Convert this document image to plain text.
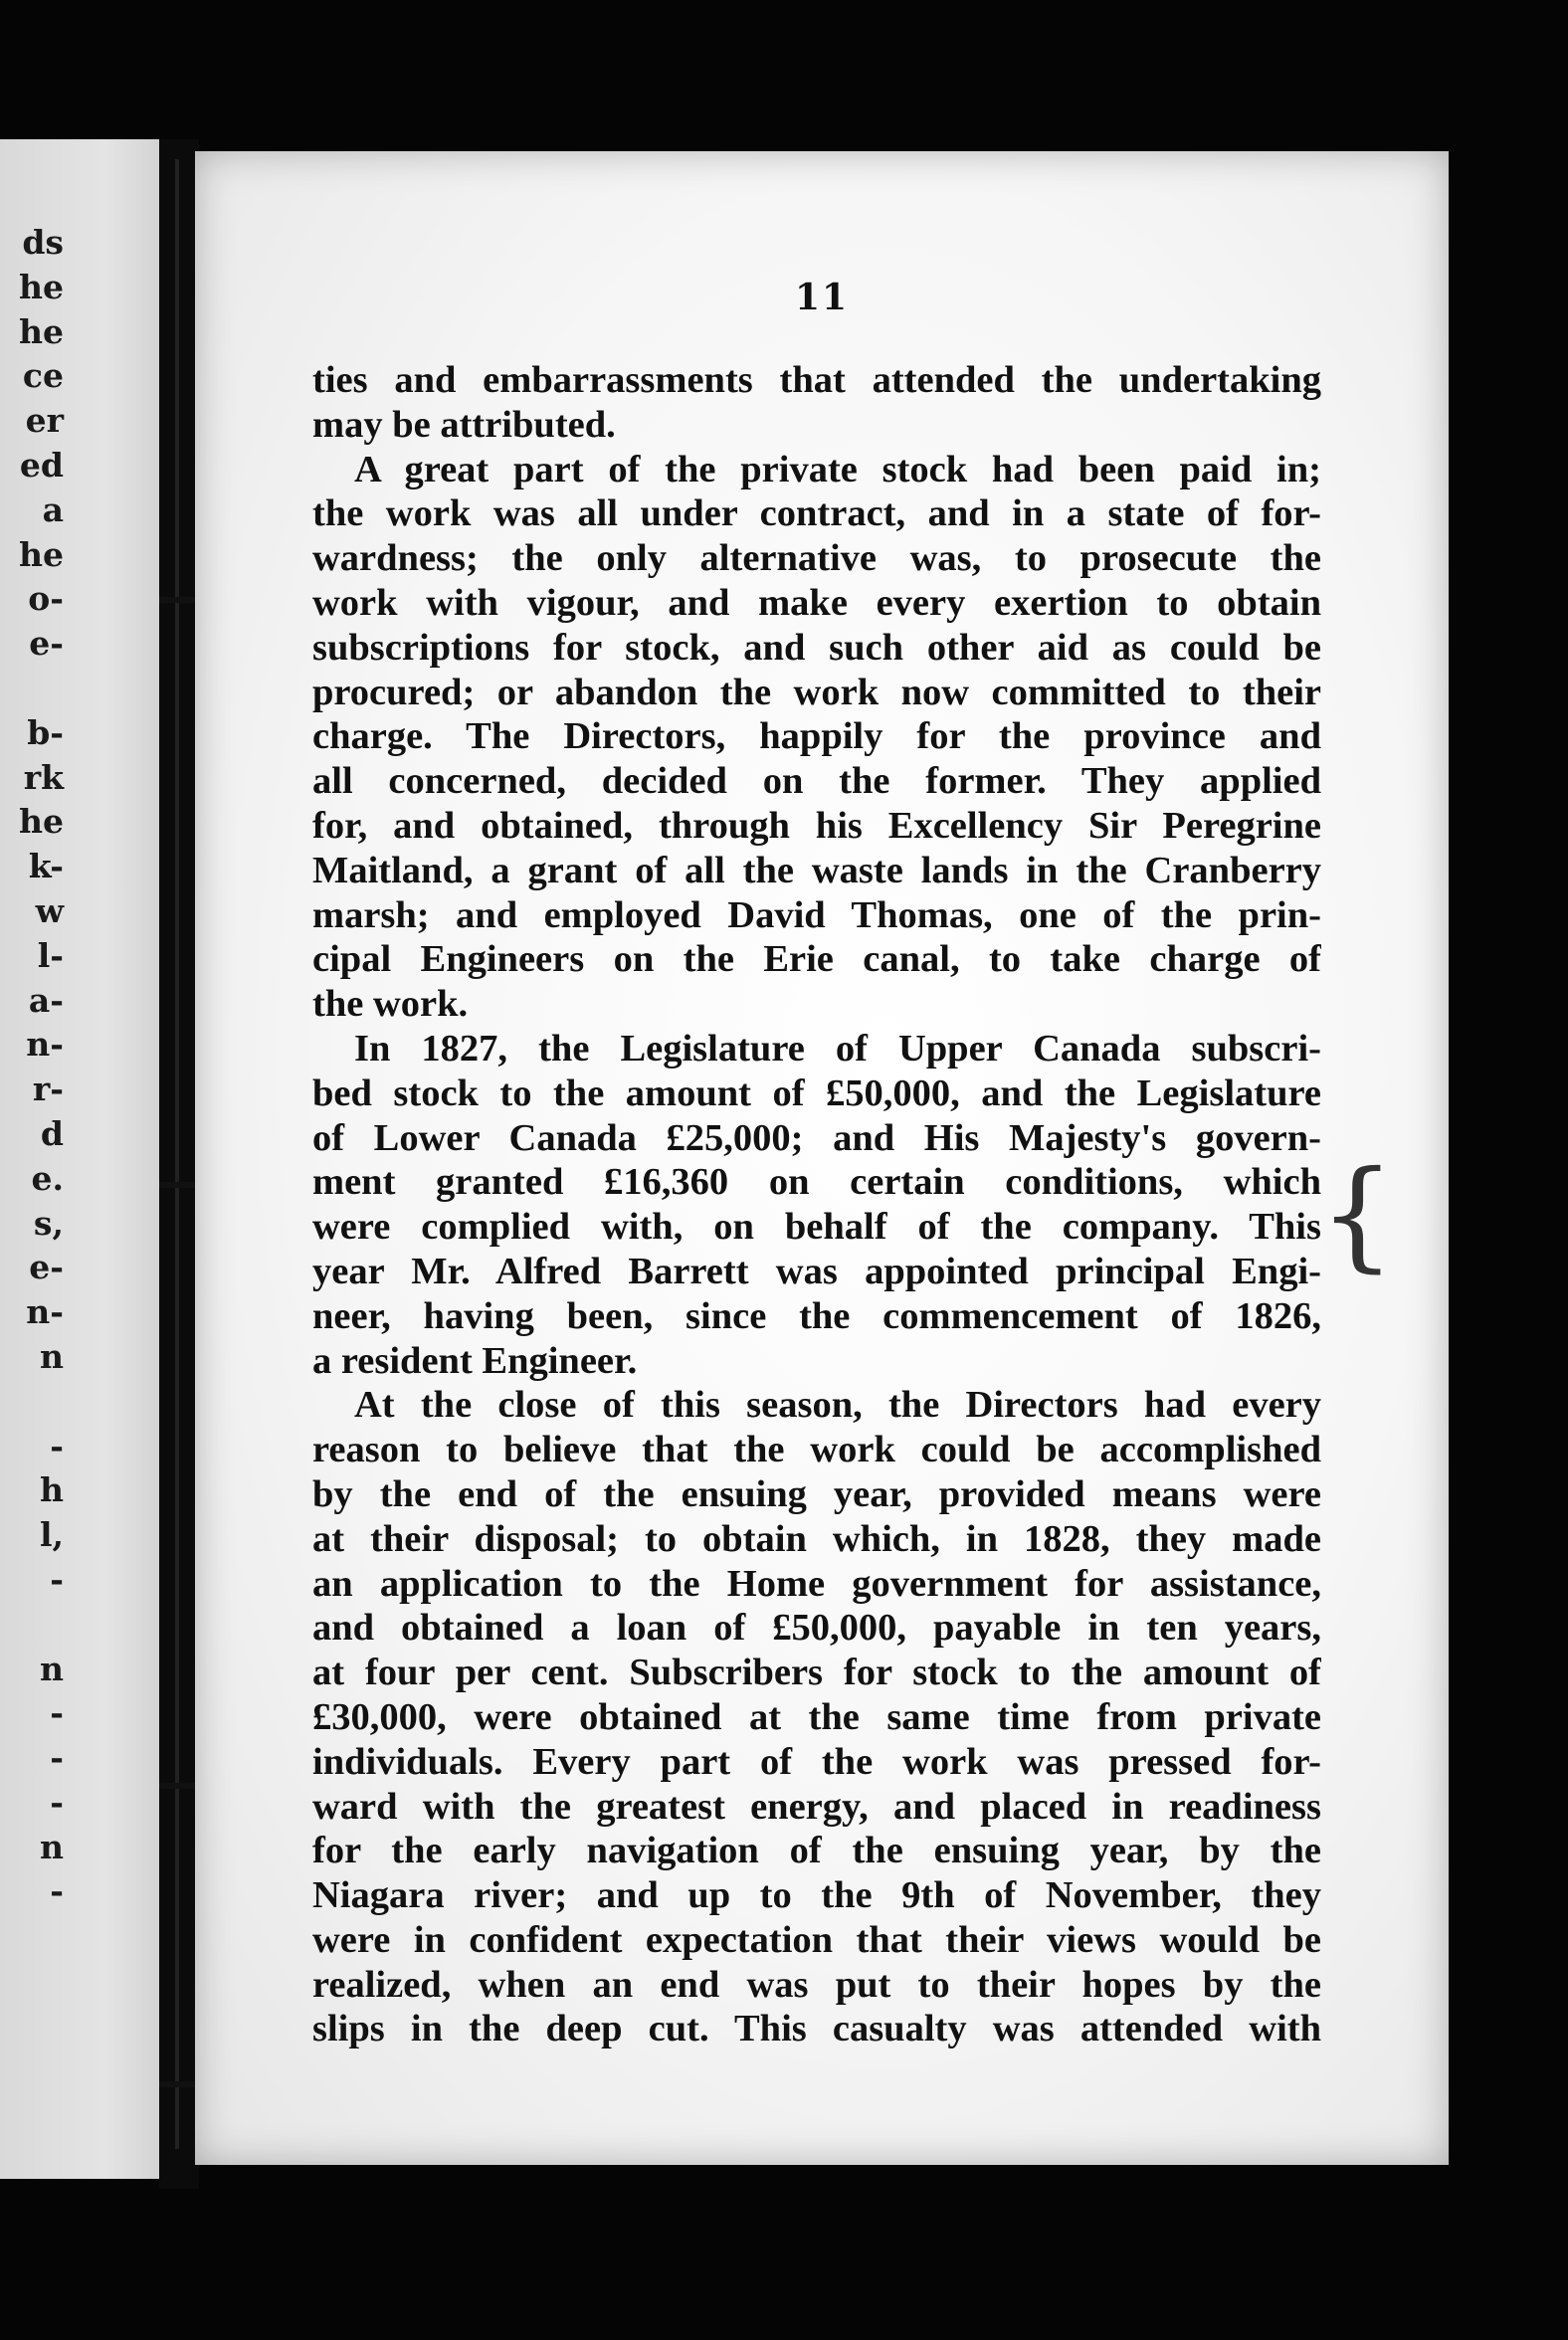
ds
he
he
ce
er
ed
a
he
o-
e-
b-
rk
he
k-
w
l-
a-
n-
r-
d
e.
s,
e-
n-
n
-
h
l,
-
n
-
-
-
n
-
11
ties and embarrassments that attended the undertaking
may be attributed.
A great part of the private stock had been paid in;
the work was all under contract, and in a state of for-
wardness; the only alternative was, to prosecute the
work with vigour, and make every exertion to obtain
subscriptions for stock, and such other aid as could be
procured; or abandon the work now committed to their
charge. The Directors, happily for the province and
all concerned, decided on the former. They applied
for, and obtained, through his Excellency Sir Peregrine
Maitland, a grant of all the waste lands in the Cranberry
marsh; and employed David Thomas, one of the prin-
cipal Engineers on the Erie canal, to take charge of
the work.
In 1827, the Legislature of Upper Canada subscri-
bed stock to the amount of £50,000, and the Legislature
of Lower Canada £25,000; and His Majesty's govern-
ment granted £16,360 on certain conditions, which
were complied with, on behalf of the company. This
year Mr. Alfred Barrett was appointed principal Engi-
neer, having been, since the commencement of 1826,
a resident Engineer.
At the close of this season, the Directors had every
reason to believe that the work could be accomplished
by the end of the ensuing year, provided means were
at their disposal; to obtain which, in 1828, they made
an application to the Home government for assistance,
and obtained a loan of £50,000, payable in ten years,
at four per cent. Subscribers for stock to the amount of
£30,000, were obtained at the same time from private
individuals. Every part of the work was pressed for-
ward with the greatest energy, and placed in readiness
for the early navigation of the ensuing year, by the
Niagara river; and up to the 9th of November, they
were in confident expectation that their views would be
realized, when an end was put to their hopes by the
slips in the deep cut. This casualty was attended with
{
